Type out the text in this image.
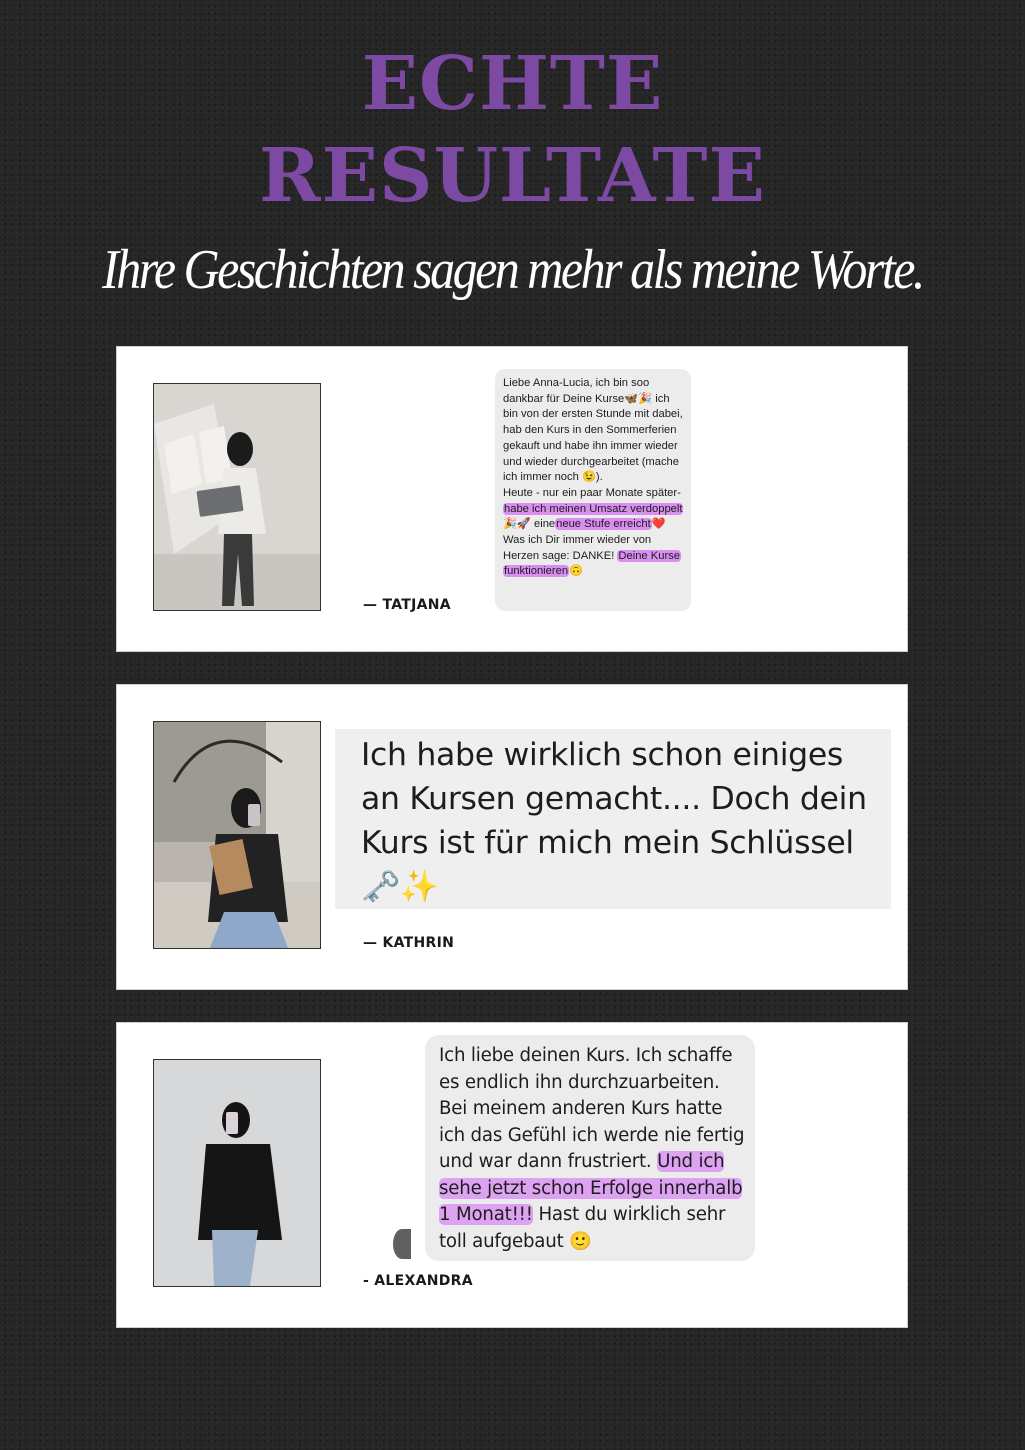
ECHTE
RESULTATE

Ihre Geschichten sagen mehr als meine Worte.

— TATJANA
Liebe Anna-Lucia, ich bin soo dankbar für Deine Kurse🦋🎉 ich bin von der ersten Stunde mit dabei, hab den Kurs in den Sommerferien gekauft und habe ihn immer wieder und wieder durchgearbeitet (mache ich immer noch 😉).
Heute - nur ein paar Monate später- habe ich meinen Umsatz verdoppelt🎉🚀 eineneue Stufe erreicht❤️ Was ich Dir immer wieder von Herzen sage: DANKE! Deine Kurse funktionieren🙃
— KATHRIN
Ich habe wirklich schon einiges an Kursen gemacht.... Doch dein Kurs ist für mich mein Schlüssel 🗝️✨
- ALEXANDRA
Ich liebe deinen Kurs. Ich schaffe es endlich ihn durchzuarbeiten. Bei meinem anderen Kurs hatte ich das Gefühl ich werde nie fertig und war dann frustriert. Und ich sehe jetzt schon Erfolge innerhalb 1 Monat!!! Hast du wirklich sehr toll aufgebaut 🙂
